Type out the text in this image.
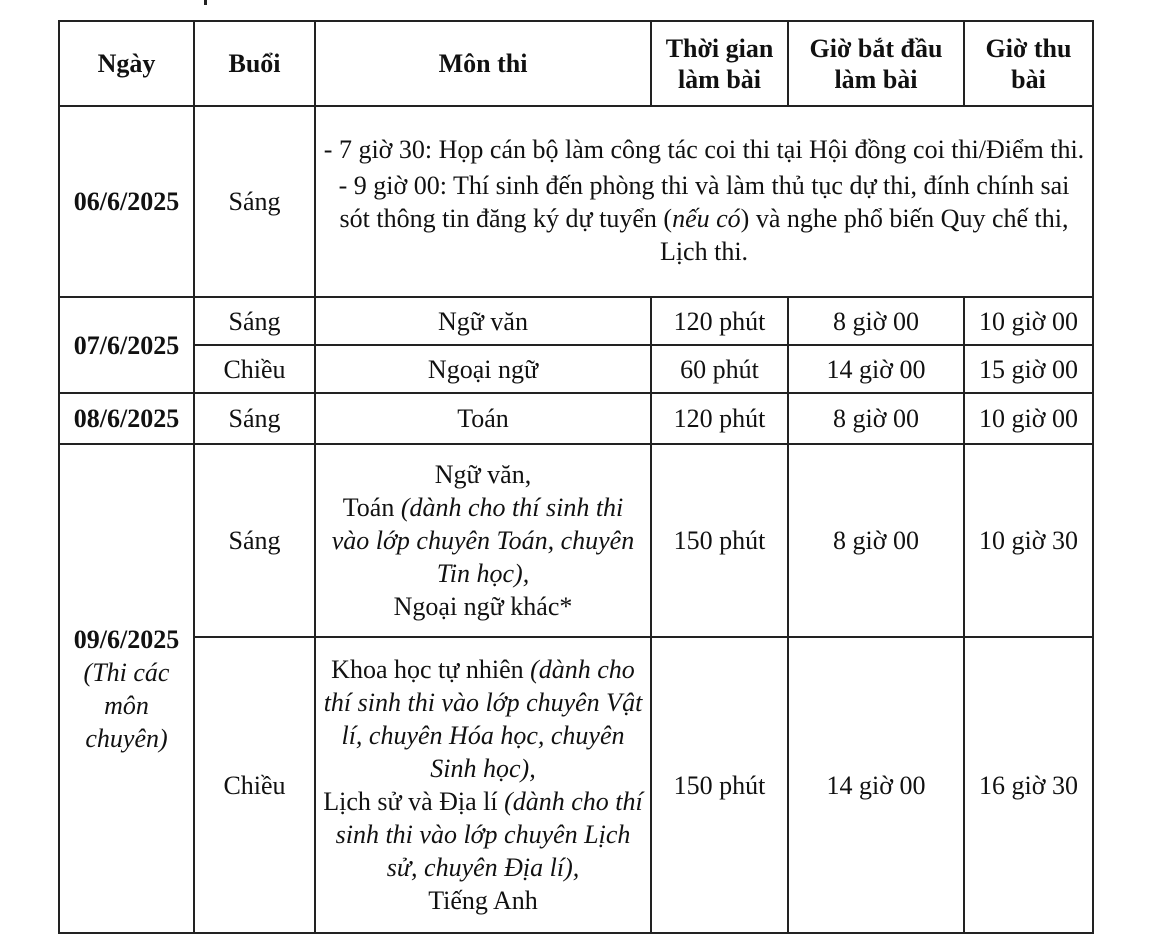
Ngày	Buổi	Môn thi	Thời gian làm bài	Giờ bắt đầu làm bài	Giờ thu bài
06/6/2025	Sáng	- 7 giờ 30: Họp cán bộ làm công tác coi thi tại Hội đồng coi thi/Điểm thi.
- 9 giờ 00: Thí sinh đến phòng thi và làm thủ tục dự thi, đính chính sai sót thông tin đăng ký dự tuyển (nếu có) và nghe phổ biến Quy chế thi, Lịch thi.			

07/6/2025	Sáng	Ngữ văn	120 phút	8 giờ 00	10 giờ 00
	Chiều	Ngoại ngữ	60 phút	14 giờ 00	15 giờ 00
08/6/2025	Sáng	Toán	120 phút	8 giờ 00	10 giờ 00

09/6/2025
(Thi các môn chuyên)	Sáng	Ngữ văn,
Toán (dành cho thí sinh thi vào lớp chuyên Toán, chuyên Tin học),
Ngoại ngữ khác*	150 phút	8 giờ 00	10 giờ 30
	Chiều	Khoa học tự nhiên (dành cho thí sinh thi vào lớp chuyên Vật lí, chuyên Hóa học, chuyên Sinh học),
Lịch sử và Địa lí (dành cho thí sinh thi vào lớp chuyên Lịch sử, chuyên Địa lí),
Tiếng Anh	150 phút	14 giờ 00	16 giờ 30
